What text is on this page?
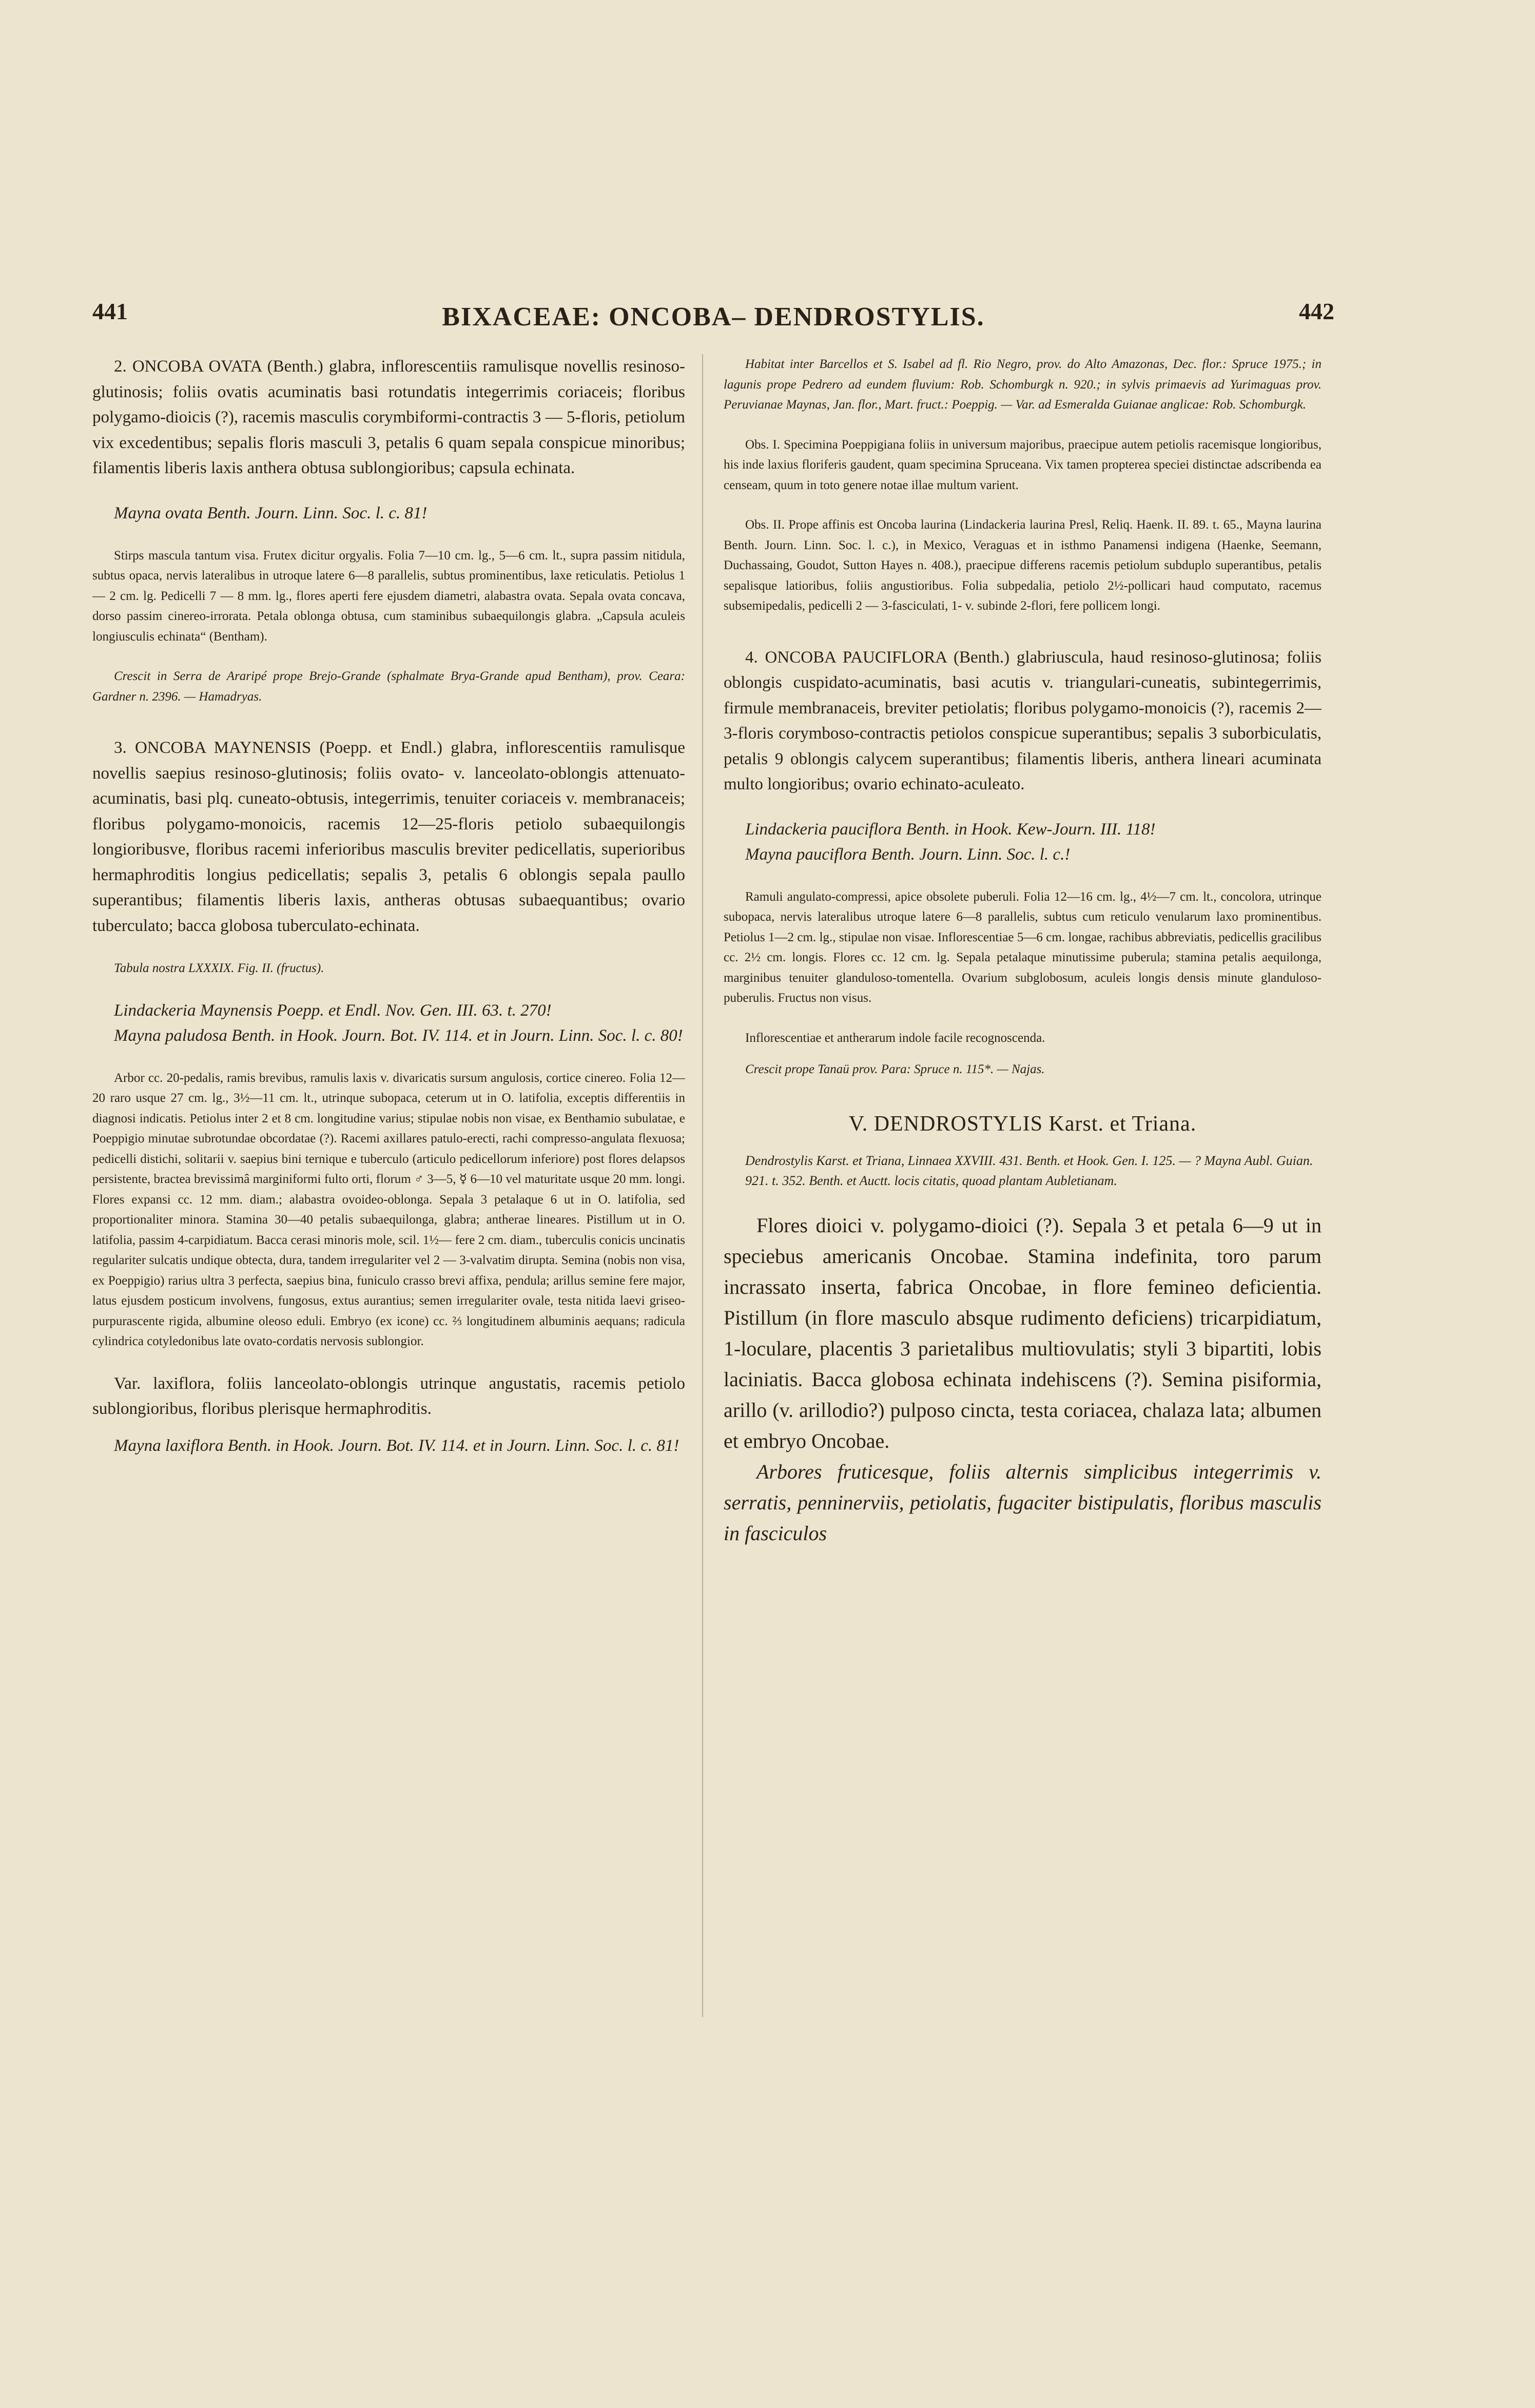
441	BIXACEAE: ONCOBA– DENDROSTYLIS.	442

2. ONCOBA OVATA (Benth.) glabra, inflorescentiis ramulisque novellis resinoso-glutinosis; foliis ovatis acuminatis basi rotundatis integerrimis coriaceis; floribus polygamo-dioicis (?), racemis masculis corymbiformi-contractis 3 — 5-floris, petiolum vix excedentibus; sepalis floris masculi 3, petalis 6 quam sepala conspicue minoribus; filamentis liberis laxis anthera obtusa sublongioribus; capsula echinata.

Mayna ovata Benth. Journ. Linn. Soc. l. c. 81!

Stirps mascula tantum visa. Frutex dicitur orgyalis. Folia 7—10 cm. lg., 5—6 cm. lt., supra passim nitidula, subtus opaca, nervis lateralibus in utroque latere 6—8 parallelis, subtus prominentibus, laxe reticulatis. Petiolus 1 — 2 cm. lg. Pedicelli 7 — 8 mm. lg., flores aperti fere ejusdem diametri, alabastra ovata. Sepala ovata concava, dorso passim cinereo-irrorata. Petala oblonga obtusa, cum staminibus subaequilongis glabra. „Capsula aculeis longiusculis echinata“ (Bentham).

Crescit in Serra de Araripé prope Brejo-Grande (sphalmate Brya-Grande apud Bentham), prov. Ceara: Gardner n. 2396. — Hamadryas.

3. ONCOBA MAYNENSIS (Poepp. et Endl.) glabra, inflorescentiis ramulisque novellis saepius resinoso-glutinosis; foliis ovato- v. lanceolato-oblongis attenuato-acuminatis, basi plq. cuneato-obtusis, integerrimis, tenuiter coriaceis v. membranaceis; floribus polygamo-monoicis, racemis 12—25-floris petiolo subaequilongis longioribusve, floribus racemi inferioribus masculis breviter pedicellatis, superioribus hermaphroditis longius pedicellatis; sepalis 3, petalis 6 oblongis sepala paullo superantibus; filamentis liberis laxis, antheras obtusas subaequantibus; ovario tuberculato; bacca globosa tuberculato-echinata.

Tabula nostra LXXXIX. Fig. II. (fructus).

Lindackeria Maynensis Poepp. et Endl. Nov. Gen. III. 63. t. 270!

Mayna paludosa Benth. in Hook. Journ. Bot. IV. 114. et in Journ. Linn. Soc. l. c. 80!

Arbor cc. 20-pedalis, ramis brevibus, ramulis laxis v. divaricatis sursum angulosis, cortice cinereo. Folia 12—20 raro usque 27 cm. lg., 3½—11 cm. lt., utrinque subopaca, ceterum ut in O. latifolia, exceptis differentiis in diagnosi indicatis. Petiolus inter 2 et 8 cm. longitudine varius; stipulae nobis non visae, ex Benthamio subulatae, e Poeppigio minutae subrotundae obcordatae (?). Racemi axillares patulo-erecti, rachi compresso-angulata flexuosa; pedicelli distichi, solitarii v. saepius bini ternique e tuberculo (articulo pedicellorum inferiore) post flores delapsos persistente, bractea brevissimâ marginiformi fulto orti, florum ♂ 3—5, ☿ 6—10 vel maturitate usque 20 mm. longi. Flores expansi cc. 12 mm. diam.; alabastra ovoideo-oblonga. Sepala 3 petalaque 6 ut in O. latifolia, sed proportionaliter minora. Stamina 30—40 petalis subaequilonga, glabra; antherae lineares. Pistillum ut in O. latifolia, passim 4-carpidiatum. Bacca cerasi minoris mole, scil. 1½— fere 2 cm. diam., tuberculis conicis uncinatis regulariter sulcatis undique obtecta, dura, tandem irregulariter vel 2 — 3-valvatim dirupta. Semina (nobis non visa, ex Poeppigio) rarius ultra 3 perfecta, saepius bina, funiculo crasso brevi affixa, pendula; arillus semine fere major, latus ejusdem posticum involvens, fungosus, extus aurantius; semen irregulariter ovale, testa nitida laevi griseo-purpurascente rigida, albumine oleoso eduli. Embryo (ex icone) cc. ⅔ longitudinem albuminis aequans; radicula cylindrica cotyledonibus late ovato-cordatis nervosis sublongior.

Var. laxiflora, foliis lanceolato-oblongis utrinque angustatis, racemis petiolo sublongioribus, floribus plerisque hermaphroditis.

Mayna laxiflora Benth. in Hook. Journ. Bot. IV. 114. et in Journ. Linn. Soc. l. c. 81!

Habitat inter Barcellos et S. Isabel ad fl. Rio Negro, prov. do Alto Amazonas, Dec. flor.: Spruce 1975.; in lagunis prope Pedrero ad eundem fluvium: Rob. Schomburgk n. 920.; in sylvis primaevis ad Yurimaguas prov. Peruvianae Maynas, Jan. flor., Mart. fruct.: Poeppig. — Var. ad Esmeralda Guianae anglicae: Rob. Schomburgk.

Obs. I. Specimina Poeppigiana foliis in universum majoribus, praecipue autem petiolis racemisque longioribus, his inde laxius floriferis gaudent, quam specimina Spruceana. Vix tamen propterea speciei distinctae adscribenda ea censeam, quum in toto genere notae illae multum varient.

Obs. II. Prope affinis est Oncoba laurina (Lindackeria laurina Presl, Reliq. Haenk. II. 89. t. 65., Mayna laurina Benth. Journ. Linn. Soc. l. c.), in Mexico, Veraguas et in isthmo Panamensi indigena (Haenke, Seemann, Duchassaing, Goudot, Sutton Hayes n. 408.), praecipue differens racemis petiolum subduplo superantibus, petalis sepalisque latioribus, foliis angustioribus. Folia subpedalia, petiolo 2½-pollicari haud computato, racemus subsemipedalis, pedicelli 2 — 3-fasciculati, 1- v. subinde 2-flori, fere pollicem longi.

4. ONCOBA PAUCIFLORA (Benth.) glabriuscula, haud resinoso-glutinosa; foliis oblongis cuspidato-acuminatis, basi acutis v. triangulari-cuneatis, subintegerrimis, firmule membranaceis, breviter petiolatis; floribus polygamo-monoicis (?), racemis 2—3-floris corymboso-contractis petiolos conspicue superantibus; sepalis 3 suborbiculatis, petalis 9 oblongis calycem superantibus; filamentis liberis, anthera lineari acuminata multo longioribus; ovario echinato-aculeato.

Lindackeria pauciflora Benth. in Hook. Kew-Journ. III. 118!

Mayna pauciflora Benth. Journ. Linn. Soc. l. c.!

Ramuli angulato-compressi, apice obsolete puberuli. Folia 12—16 cm. lg., 4½—7 cm. lt., concolora, utrinque subopaca, nervis lateralibus utroque latere 6—8 parallelis, subtus cum reticulo venularum laxo prominentibus. Petiolus 1—2 cm. lg., stipulae non visae. Inflorescentiae 5—6 cm. longae, rachibus abbreviatis, pedicellis gracilibus cc. 2½ cm. longis. Flores cc. 12 cm. lg. Sepala petalaque minutissime puberula; stamina petalis aequilonga, marginibus tenuiter glanduloso-tomentella. Ovarium subglobosum, aculeis longis densis minute glanduloso-puberulis. Fructus non visus.

Inflorescentiae et antherarum indole facile recognoscenda.

Crescit prope Tanaü prov. Para: Spruce n. 115*. — Najas.

V. DENDROSTYLIS Karst. et Triana.

Dendrostylis Karst. et Triana, Linnaea XXVIII. 431. Benth. et Hook. Gen. I. 125. — ? Mayna Aubl. Guian. 921. t. 352. Benth. et Auctt. locis citatis, quoad plantam Aubletianam.

Flores dioici v. polygamo-dioici (?). Sepala 3 et petala 6—9 ut in speciebus americanis Oncobae. Stamina indefinita, toro parum incrassato inserta, fabrica Oncobae, in flore femineo deficientia. Pistillum (in flore masculo absque rudimento deficiens) tricarpidiatum, 1-loculare, placentis 3 parietalibus multiovulatis; styli 3 bipartiti, lobis laciniatis. Bacca globosa echinata indehiscens (?). Semina pisiformia, arillo (v. arillodio?) pulposo cincta, testa coriacea, chalaza lata; albumen et embryo Oncobae.

Arbores fruticesque, foliis alternis simplicibus integerrimis v. serratis, penninerviis, petiolatis, fugaciter bistipulatis, floribus masculis in fasciculos
